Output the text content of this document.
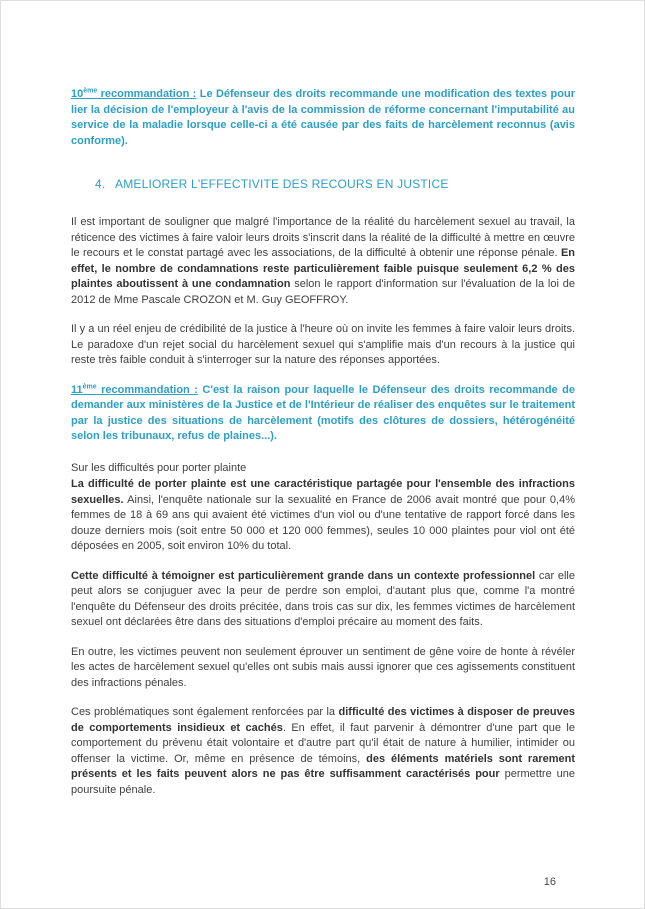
10ème recommandation : Le Défenseur des droits recommande une modification des textes pour lier la décision de l'employeur à l'avis de la commission de réforme concernant l'imputabilité au service de la maladie lorsque celle-ci a été causée par des faits de harcèlement reconnus (avis conforme).

4. AMELIORER L'EFFECTIVITE DES RECOURS EN JUSTICE

Il est important de souligner que malgré l'importance de la réalité du harcèlement sexuel au travail, la réticence des victimes à faire valoir leurs droits s'inscrit dans la réalité de la difficulté à mettre en œuvre le recours et le constat partagé avec les associations, de la difficulté à obtenir une réponse pénale. En effet, le nombre de condamnations reste particulièrement faible puisque seulement 6,2 % des plaintes aboutissent à une condamnation selon le rapport d'information sur l'évaluation de la loi de 2012 de Mme Pascale CROZON et M. Guy GEOFFROY.

Il y a un réel enjeu de crédibilité de la justice à l'heure où on invite les femmes à faire valoir leurs droits. Le paradoxe d'un rejet social du harcèlement sexuel qui s'amplifie mais d'un recours à la justice qui reste très faible conduit à s'interroger sur la nature des réponses apportées.

11ème recommandation : C'est la raison pour laquelle le Défenseur des droits recommande de demander aux ministères de la Justice et de l'Intérieur de réaliser des enquêtes sur le traitement par la justice des situations de harcèlement (motifs des clôtures de dossiers, hétérogénéité selon les tribunaux, refus de plaines...).

Sur les difficultés pour porter plainte

La difficulté de porter plainte est une caractéristique partagée pour l'ensemble des infractions sexuelles. Ainsi, l'enquête nationale sur la sexualité en France de 2006 avait montré que pour 0,4% femmes de 18 à 69 ans qui avaient été victimes d'un viol ou d'une tentative de rapport forcé dans les douze derniers mois (soit entre 50 000 et 120 000 femmes), seules 10 000 plaintes pour viol ont été déposées en 2005, soit environ 10% du total.

Cette difficulté à témoigner est particulièrement grande dans un contexte professionnel car elle peut alors se conjuguer avec la peur de perdre son emploi, d'autant plus que, comme l'a montré l'enquête du Défenseur des droits précitée, dans trois cas sur dix, les femmes victimes de harcèlement sexuel ont déclarées être dans des situations d'emploi précaire au moment des faits.

En outre, les victimes peuvent non seulement éprouver un sentiment de gêne voire de honte à révéler les actes de harcèlement sexuel qu'elles ont subis mais aussi ignorer que ces agissements constituent des infractions pénales.

Ces problématiques sont également renforcées par la difficulté des victimes à disposer de preuves de comportements insidieux et cachés. En effet, il faut parvenir à démontrer d'une part que le comportement du prévenu était volontaire et d'autre part qu'il était de nature à humilier, intimider ou offenser la victime. Or, même en présence de témoins, des éléments matériels sont rarement présents et les faits peuvent alors ne pas être suffisamment caractérisés pour permettre une poursuite pénale.

16
